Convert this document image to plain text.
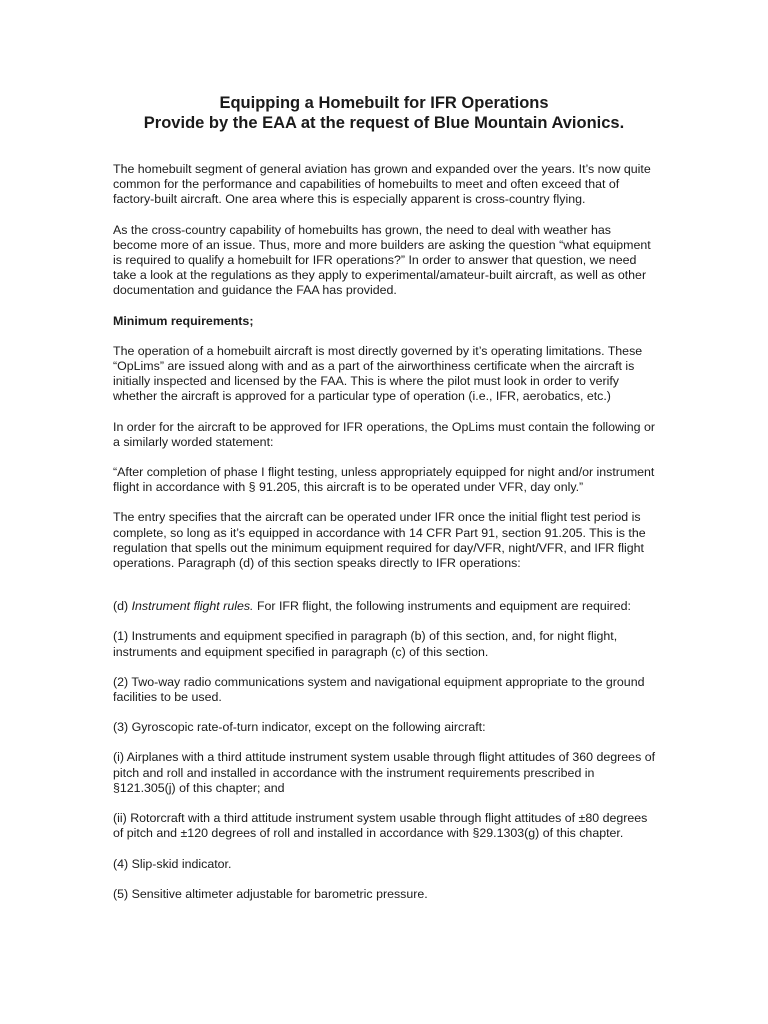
Equipping a Homebuilt for IFR Operations
Provide by the EAA at the request of Blue Mountain Avionics.

The homebuilt segment of general aviation has grown and expanded over the years. It’s now quite common for the performance and capabilities of homebuilts to meet and often exceed that of factory-built aircraft. One area where this is especially apparent is cross-country flying.

As the cross-country capability of homebuilts has grown, the need to deal with weather has become more of an issue. Thus, more and more builders are asking the question “what equipment is required to qualify a homebuilt for IFR operations?” In order to answer that question, we need take a look at the regulations as they apply to experimental/amateur-built aircraft, as well as other documentation and guidance the FAA has provided.

Minimum requirements;

The operation of a homebuilt aircraft is most directly governed by it’s operating limitations. These “OpLims” are issued along with and as a part of the airworthiness certificate when the aircraft is initially inspected and licensed by the FAA. This is where the pilot must look in order to verify whether the aircraft is approved for a particular type of operation (i.e., IFR, aerobatics, etc.)

In order for the aircraft to be approved for IFR operations, the OpLims must contain the following or a similarly worded statement:

“After completion of phase I flight testing, unless appropriately equipped for night and/or instrument flight in accordance with § 91.205, this aircraft is to be operated under VFR, day only.”

The entry specifies that the aircraft can be operated under IFR once the initial flight test period is complete, so long as it’s equipped in accordance with 14 CFR Part 91, section 91.205. This is the regulation that spells out the minimum equipment required for day/VFR, night/VFR, and IFR flight operations. Paragraph (d) of this section speaks directly to IFR operations:

(d) Instrument flight rules. For IFR flight, the following instruments and equipment are required:

(1) Instruments and equipment specified in paragraph (b) of this section, and, for night flight, instruments and equipment specified in paragraph (c) of this section.

(2) Two-way radio communications system and navigational equipment appropriate to the ground facilities to be used.

(3) Gyroscopic rate-of-turn indicator, except on the following aircraft:

(i) Airplanes with a third attitude instrument system usable through flight attitudes of 360 degrees of pitch and roll and installed in accordance with the instrument requirements prescribed in §121.305(j) of this chapter; and

(ii) Rotorcraft with a third attitude instrument system usable through flight attitudes of ±80 degrees of pitch and ±120 degrees of roll and installed in accordance with §29.1303(g) of this chapter.

(4) Slip-skid indicator.

(5) Sensitive altimeter adjustable for barometric pressure.
